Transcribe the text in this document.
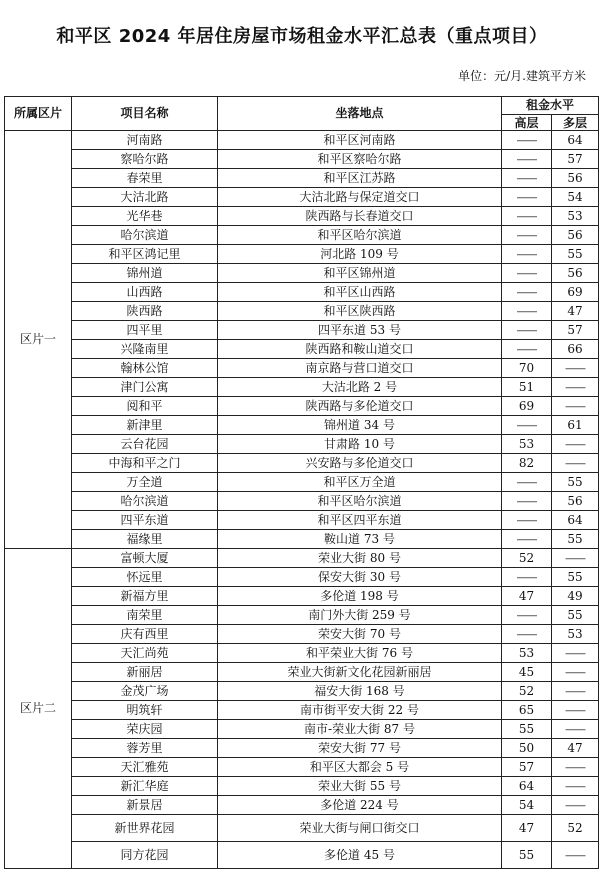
和平区 2024 年居住房屋市场租金水平汇总表（重点项目）
单位：元/月.建筑平方米
所属区片	项目名称	坐落地点	租金水平	
			高层	多层
区片一	河南路	和平区河南路	——	64
	察哈尔路	和平区察哈尔路	——	57
	春荣里	和平区江苏路	——	56
	大沽北路	大沽北路与保定道交口	——	54
	光华巷	陕西路与长春道交口	——	53
	哈尔滨道	和平区哈尔滨道	——	56
	和平区鸿记里	河北路 109 号	——	55
	锦州道	和平区锦州道	——	56
	山西路	和平区山西路	——	69
	陕西路	和平区陕西路	——	47
	四平里	四平东道 53 号	——	57
	兴隆南里	陕西路和鞍山道交口	——	66
	翰林公馆	南京路与营口道交口	70	——
	津门公寓	大沽北路 2 号	51	——
	阅和平	陕西路与多伦道交口	69	——
	新津里	锦州道 34 号	——	61
	云台花园	甘肃路 10 号	53	——
	中海和平之门	兴安路与多伦道交口	82	——
	万全道	和平区万全道	——	55
	哈尔滨道	和平区哈尔滨道	——	56
	四平东道	和平区四平东道	——	64
	福缘里	鞍山道 73 号	——	55
区片二	富顿大厦	荣业大街 80 号	52	——
	怀远里	保安大街 30 号	——	55
	新福方里	多伦道 198 号	47	49
	南荣里	南门外大街 259 号	——	55
	庆有西里	荣安大街 70 号	——	53
	天汇尚苑	和平荣业大街 76 号	53	——
	新丽居	荣业大街新文化花园新丽居	45	——
	金茂广场	福安大街 168 号	52	——
	明筑轩	南市街平安大街 22 号	65	——
	荣庆园	南市-荣业大街 87 号	55	——
	蓉芳里	荣安大街 77 号	50	47
	天汇雅苑	和平区大都会 5 号	57	——
	新汇华庭	荣业大街 55 号	64	——
	新景居	多伦道 224 号	54	——
	新世界花园	荣业大街与闸口街交口	47	52
	同方花园	多伦道 45 号	55	——
